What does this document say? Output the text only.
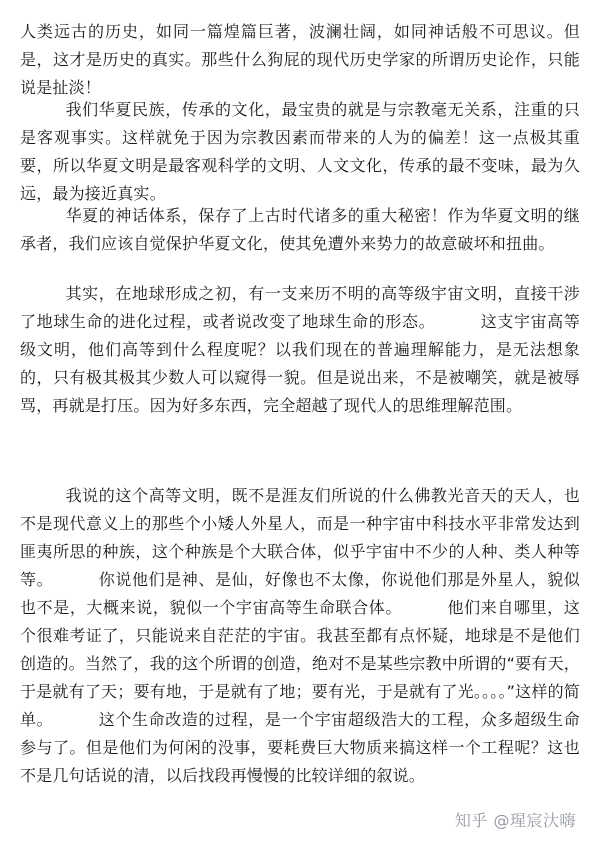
人类远古的历史，如同一篇煌篇巨著，波澜壮阔，如同神话般不可思议。但是，这才是历史的真实。那些什么狗屁的现代历史学家的所谓历史论作，只能说是扯淡！

我们华夏民族，传承的文化，最宝贵的就是与宗教毫无关系，注重的只是客观事实。这样就免于因为宗教因素而带来的人为的偏差！这一点极其重要，所以华夏文明是最客观科学的文明、人文文化，传承的最不变味，最为久远，最为接近真实。

华夏的神话体系，保存了上古时代诸多的重大秘密！作为华夏文明的继承者，我们应该自觉保护华夏文化，使其免遭外来势力的故意破坏和扭曲。

其实，在地球形成之初，有一支来历不明的高等级宇宙文明，直接干涉了地球生命的进化过程，或者说改变了地球生命的形态。        这支宇宙高等级文明，他们高等到什么程度呢？以我们现在的普遍理解能力，是无法想象的，只有极其极其少数人可以窥得一貌。但是说出来，不是被嘲笑，就是被辱骂，再就是打压。因为好多东西，完全超越了现代人的思维理解范围。

我说的这个高等文明，既不是涯友们所说的什么佛教光音天的天人，也不是现代意义上的那些个小矮人外星人，而是一种宇宙中科技水平非常发达到匪夷所思的种族，这个种族是个大联合体，似乎宇宙中不少的人种、类人种等等。        你说他们是神、是仙，好像也不太像，你说他们那是外星人，貌似也不是，大概来说，貌似一个宇宙高等生命联合体。        他们来自哪里，这个很难考证了，只能说来自茫茫的宇宙。我甚至都有点怀疑，地球是不是他们创造的。当然了，我的这个所谓的创造，绝对不是某些宗教中所谓的“要有天，于是就有了天；要有地，于是就有了地；要有光，于是就有了光。。。。”这样的简单。        这个生命改造的过程，是一个宇宙超级浩大的工程，众多超级生命参与了。但是他们为何闲的没事，要耗费巨大物质来搞这样一个工程呢？这也不是几句话说的清，以后找段再慢慢的比较详细的叙说。

知乎 @瑆宸汏嗨
